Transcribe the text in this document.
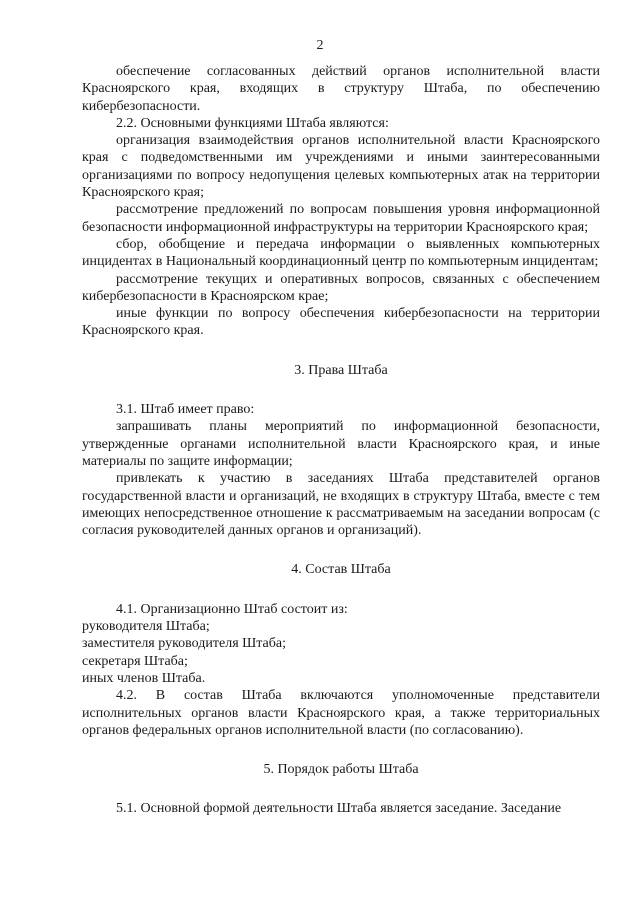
2

обеспечение согласованных действий органов исполнительной власти Красноярского края, входящих в структуру Штаба, по обеспечению кибербезопасности.

2.2. Основными функциями Штаба являются:

организация взаимодействия органов исполнительной власти Красноярского края с подведомственными им учреждениями и иными заинтересованными организациями по вопросу недопущения целевых компьютерных атак на территории Красноярского края;

рассмотрение предложений по вопросам повышения уровня информационной безопасности информационной инфраструктуры на территории Красноярского края;

сбор, обобщение и передача информации о выявленных компьютерных инцидентах в Национальный координационный центр по компьютерным инцидентам;

рассмотрение текущих и оперативных вопросов, связанных с обеспечением кибербезопасности в Красноярском крае;

иные функции по вопросу обеспечения кибербезопасности на территории Красноярского края.

3. Права Штаба

3.1. Штаб имеет право:

запрашивать планы мероприятий по информационной безопасности, утвержденные органами исполнительной власти Красноярского края, и иные материалы по защите информации;

привлекать к участию в заседаниях Штаба представителей органов государственной власти и организаций, не входящих в структуру Штаба, вместе с тем имеющих непосредственное отношение к рассматриваемым на заседании вопросам (с согласия руководителей данных органов и организаций).

4. Состав Штаба

4.1. Организационно Штаб состоит из:

руководителя Штаба;

заместителя руководителя Штаба;

секретаря Штаба;

иных членов Штаба.

4.2. В состав Штаба включаются уполномоченные представители исполнительных органов власти Красноярского края, а также территориальных органов федеральных органов исполнительной власти (по согласованию).

5. Порядок работы Штаба

5.1. Основной формой деятельности Штаба является заседание. Заседание
